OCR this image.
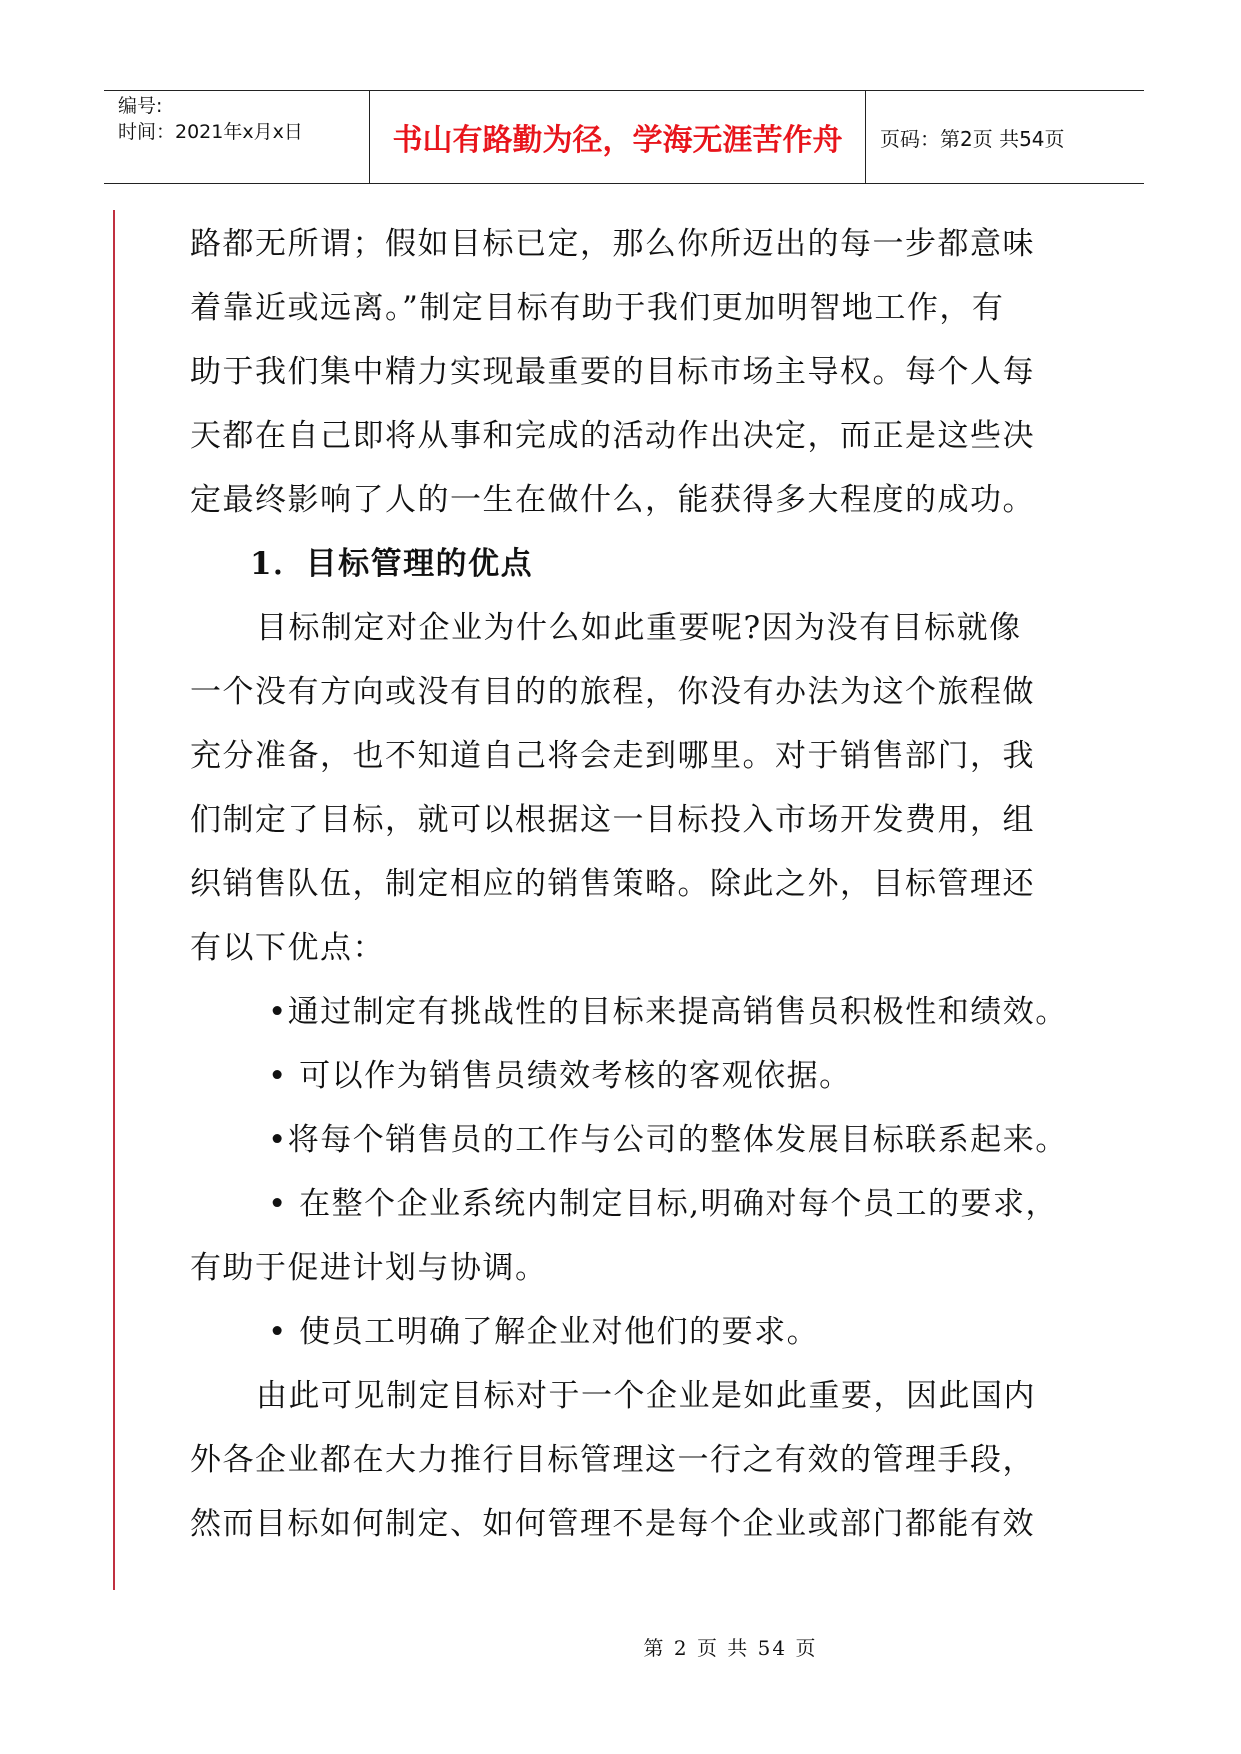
编号:
时间：2021年x月x日	书山有路勤为径，学海无涯苦作舟	页码：第2页 共54页
路都无所谓；假如目标已定，那么你所迈出的每一步都意味
着靠近或远离。”制定目标有助于我们更加明智地工作，有
助于我们集中精力实现最重要的目标市场主导权。每个人每
天都在自己即将从事和完成的活动作出决定，而正是这些决
定最终影响了人的一生在做什么，能获得多大程度的成功。
1．目标管理的优点
目标制定对企业为什么如此重要呢?因为没有目标就像
一个没有方向或没有目的的旅程，你没有办法为这个旅程做
充分准备，也不知道自己将会走到哪里。对于销售部门，我
们制定了目标，就可以根据这一目标投入市场开发费用，组
织销售队伍，制定相应的销售策略。除此之外，目标管理还
有以下优点：
•通过制定有挑战性的目标来提高销售员积极性和绩效。
• 可以作为销售员绩效考核的客观依据。
•将每个销售员的工作与公司的整体发展目标联系起来。
• 在整个企业系统内制定目标,明确对每个员工的要求，
有助于促进计划与协调。
• 使员工明确了解企业对他们的要求。
由此可见制定目标对于一个企业是如此重要，因此国内
外各企业都在大力推行目标管理这一行之有效的管理手段，
然而目标如何制定、如何管理不是每个企业或部门都能有效
第 2 页 共 54 页
